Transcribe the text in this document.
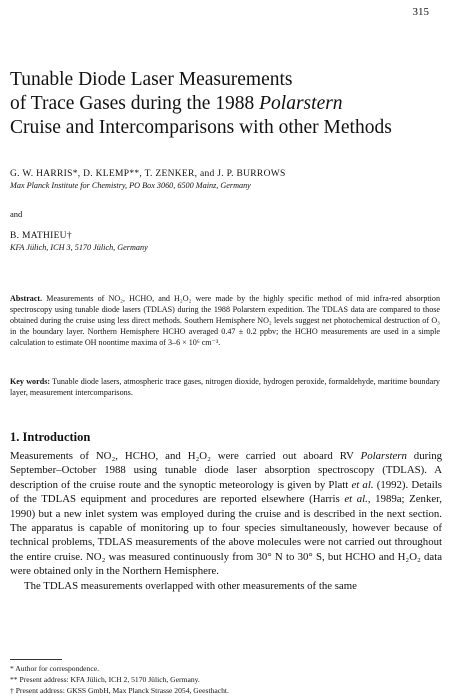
315
Tunable Diode Laser Measurements
of Trace Gases during the 1988 Polarstern
Cruise and Intercomparisons with other Methods
G. W. HARRIS*, D. KLEMP**, T. ZENKER, and J. P. BURROWS
Max Planck Institute for Chemistry, PO Box 3060, 6500 Mainz, Germany
and
B. MATHIEU†
KFA Jülich, ICH 3, 5170 Jülich, Germany
Abstract. Measurements of NO₂, HCHO, and H₂O₂ were made by the highly specific method of mid infra-red absorption spectroscopy using tunable diode lasers (TDLAS) during the 1988 Polarstern expedition. The TDLAS data are compared to those obtained during the cruise using less direct methods. Southern Hemisphere NO₂ levels suggest net photochemical destruction of O₃ in the boundary layer. Northern Hemisphere HCHO averaged 0.47 ± 0.2 ppbv; the HCHO measurements are used in a simple calculation to estimate OH noontime maxima of 3–6 × 10⁶ cm⁻³.
Key words: Tunable diode lasers, atmospheric trace gases, nitrogen dioxide, hydrogen peroxide, formaldehyde, maritime boundary layer, measurement intercomparisons.
1. Introduction

Measurements of NO₂, HCHO, and H₂O₂ were carried out aboard RV Polarstern during September–October 1988 using tunable diode laser absorption spectroscopy (TDLAS). A description of the cruise route and the synoptic meteorology is given by Platt et al. (1992). Details of the TDLAS equipment and procedures are reported elsewhere (Harris et al., 1989a; Zenker, 1990) but a new inlet system was employed during the cruise and is described in the next section. The apparatus is capable of monitoring up to four species simultaneously, however because of technical problems, TDLAS measurements of the above molecules were not carried out throughout the entire cruise. NO₂ was measured continuously from 30° N to 30° S, but HCHO and H₂O₂ data were obtained only in the Northern Hemisphere.

The TDLAS measurements overlapped with other measurements of the same

* Author for correspondence.
** Present address: KFA Jülich, ICH 2, 5170 Jülich, Germany.
† Present address: GKSS GmbH, Max Planck Strasse 2054, Geesthacht.
